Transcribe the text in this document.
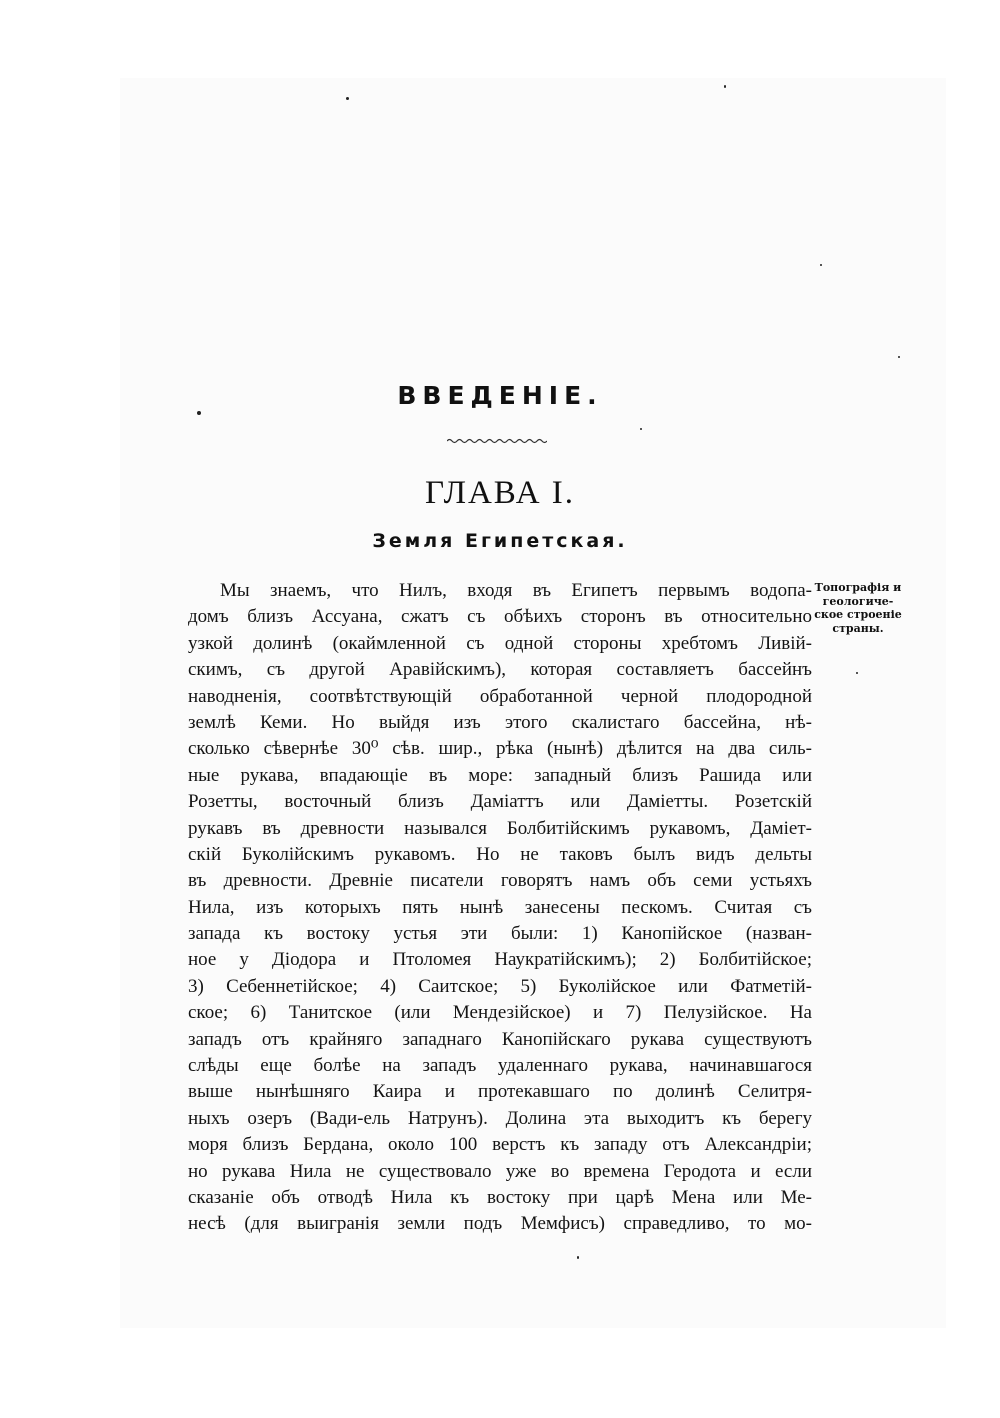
ВВЕДЕНІЕ.
ГЛАВА I.
Земля Египетская.
Топографія и
геологиче-
ское строеніе
страны.
Мы знаемъ, что Нилъ, входя въ Египетъ первымъ водопа-
домъ близъ Ассуана, сжатъ съ обѣихъ сторонъ въ относительно
узкой долинѣ (окаймленной съ одной стороны хребтомъ Ливій-
скимъ, съ другой Аравійскимъ), которая составляетъ бассейнъ
наводненія, соотвѣтствующій обработанной черной плодородной
землѣ Кеми. Но выйдя изъ этого скалистаго бассейна, нѣ-
сколько сѣвернѣе 30⁰ сѣв. шир., рѣка (нынѣ) дѣлится на два силь-
ные рукава, впадающіе въ море: западный близъ Рашида или
Розетты, восточный близъ Даміаттъ или Даміетты. Розетскій
рукавъ въ древности назывался Болбитійскимъ рукавомъ, Даміет-
скій Буколійскимъ рукавомъ. Но не таковъ былъ видъ дельты
въ древности. Древніе писатели говорятъ намъ объ семи устьяхъ
Нила, изъ которыхъ пять нынѣ занесены пескомъ. Считая съ
запада къ востоку устья эти были: 1) Канопійское (назван-
ное у Діодора и Птоломея Наукратійскимъ); 2) Болбитійское;
3) Себеннетійское; 4) Саитское; 5) Буколійское или Фатметій-
ское; 6) Танитское (или Мендезійское) и 7) Пелузійское. На
западъ отъ крайняго западнаго Канопійскаго рукава существуютъ
слѣды еще болѣе на западъ удаленнаго рукава, начинавшагося
выше нынѣшняго Каира и протекавшаго по долинѣ Селитря-
ныхъ озеръ (Вади-ель Натрунъ). Долина эта выходитъ къ берегу
моря близъ Бердана, около 100 верстъ къ западу отъ Александріи;
но рукава Нила не существовало уже во времена Геродота и если
сказаніе объ отводѣ Нила къ востоку при царѣ Мена или Ме-
несѣ (для выигранія земли подъ Мемфисъ) справедливо, то мо-
